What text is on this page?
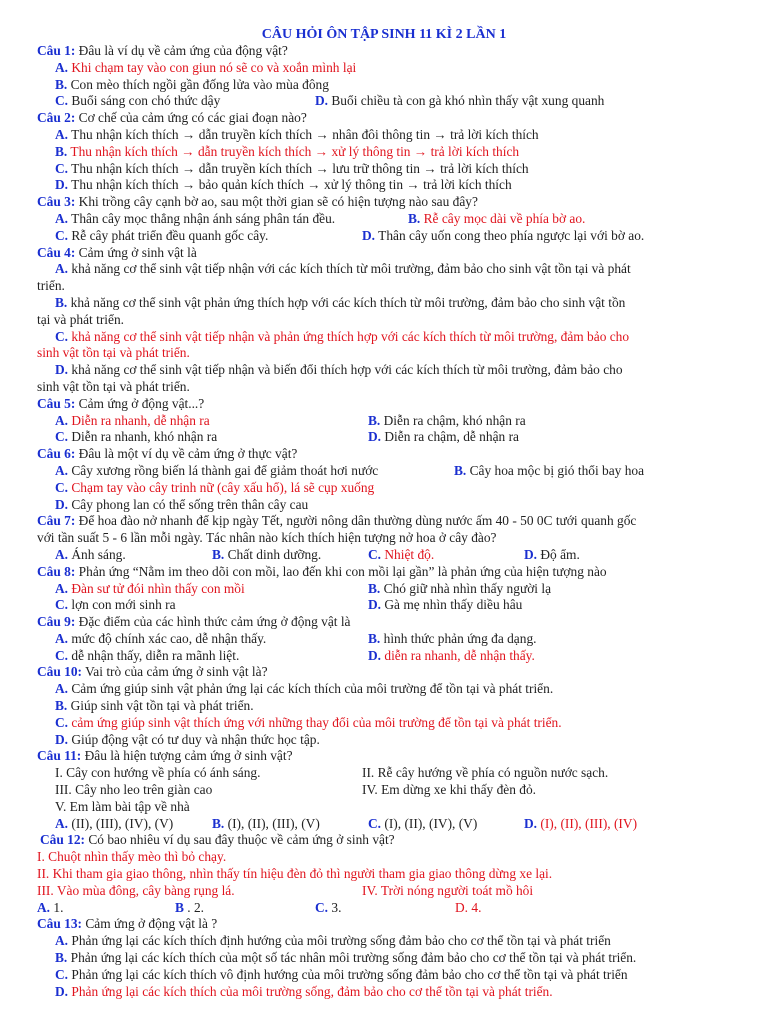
CÂU HỎI ÔN TẬP SINH 11 KÌ 2 LẦN 1
Câu 1: Đâu là ví dụ về cảm ứng của động vật?
A. Khi chạm tay vào con giun nó sẽ co và xoắn mình lại
B. Con mèo thích ngồi gần đống lửa vào mùa đông
C. Buổi sáng con chó thức dậy	D. Buổi chiều tà con gà khó nhìn thấy vật xung quanh
Câu 2: Cơ chế của cảm ứng có các giai đoạn nào?
A. Thu nhận kích thích → dẫn truyền kích thích → nhân đôi thông tin → trả lời kích thích
B. Thu nhận kích thích → dẫn truyền kích thích → xử lý thông tin → trả lời kích thích
C. Thu nhận kích thích → dẫn truyền kích thích → lưu trữ thông tin → trả lời kích thích
D. Thu nhận kích thích → bảo quản kích thích → xử lý thông tin → trả lời kích thích
Câu 3: Khi trồng cây cạnh bờ ao, sau một thời gian sẽ có hiện tượng nào sau đây?
A. Thân cây mọc thẳng nhận ánh sáng phân tán đều.	B. Rễ cây mọc dài về phía bờ ao.
C. Rễ cây phát triển đều quanh gốc cây.	D. Thân cây uốn cong theo phía ngược lại với bờ ao.
Câu 4: Cảm ứng ở sinh vật là
A. khả năng cơ thể sinh vật tiếp nhận với các kích thích từ môi trường, đảm bảo cho sinh vật tồn tại và phát
triển.
B. khả năng cơ thể sinh vật phản ứng thích hợp với các kích thích từ môi trường, đảm bảo cho sinh vật tồn
tại và phát triển.
C. khả năng cơ thể sinh vật tiếp nhận và phản ứng thích hợp với các kích thích từ môi trường, đảm bảo cho
sinh vật tồn tại và phát triển.
D. khả năng cơ thể sinh vật tiếp nhận và biến đổi thích hợp với các kích thích từ môi trường, đảm bảo cho
sinh vật tồn tại và phát triển.
Câu 5: Cảm ứng ở động vật...?
A. Diễn ra nhanh, dễ nhận ra	B. Diễn ra chậm, khó nhận ra
C. Diễn ra nhanh, khó nhận ra	D. Diễn ra chậm, dễ nhận ra
Câu 6: Đâu là một ví dụ về cảm ứng ở thực vật?
A. Cây xương rồng biến lá thành gai để giảm thoát hơi nước	B. Cây hoa mộc bị gió thổi bay hoa
C. Chạm tay vào cây trinh nữ (cây xấu hổ), lá sẽ cụp xuống
D. Cây phong lan có thể sống trên thân cây cau
Câu 7: Để hoa đào nở nhanh để kịp ngày Tết, người nông dân thường dùng nước ấm 40 - 50 0C tưới quanh gốc
với tần suất 5 - 6 lần mỗi ngày. Tác nhân nào kích thích hiện tượng nở hoa ở cây đào?
A. Ánh sáng.	B. Chất dinh dưỡng.	C. Nhiệt độ.	D. Độ ẩm.
Câu 8: Phản ứng “Nằm im theo dõi con mồi, lao đến khi con mồi lại gần” là phản ứng của hiện tượng nào
A. Đàn sư tử đói nhìn thấy con mồi	B. Chó giữ nhà nhìn thấy người lạ
C. lợn con mới sinh ra	D. Gà mẹ nhìn thấy diều hâu
Câu 9: Đặc điểm của các hình thức cảm ứng ở động vật là
A. mức độ chính xác cao, dễ nhận thấy.	B. hình thức phản ứng đa dạng.
C. dễ nhận thấy, diễn ra mãnh liệt.	D. diễn ra nhanh, dễ nhận thấy.
Câu 10: Vai trò của cảm ứng ở sinh vật là?
A. Cảm ứng giúp sinh vật phản ứng lại các kích thích của môi trường để tồn tại và phát triển.
B. Giúp sinh vật tồn tại và phát triển.
C. cảm ứng giúp sinh vật thích ứng với những thay đổi của môi trường để tồn tại và phát triển.
D. Giúp động vật có tư duy và nhận thức học tập.
Câu 11: Đâu là hiện tượng cảm ứng ở sinh vật?
I. Cây con hướng về phía có ánh sáng.	II. Rễ cây hướng về phía có nguồn nước sạch.
III. Cây nho leo trên giàn cao	IV. Em dừng xe khi thấy đèn đỏ.
V. Em làm bài tập về nhà
A. (II), (III), (IV), (V)	B. (I), (II), (III), (V)	C. (I), (II), (IV), (V)	D. (I), (II), (III), (IV)
Câu 12: Có bao nhiêu ví dụ sau đây thuộc về cảm ứng ở sinh vật?
I. Chuột nhìn thấy mèo thì bỏ chạy.
II. Khi tham gia giao thông, nhìn thấy tín hiệu đèn đỏ thì người tham gia giao thông dừng xe lại.
III. Vào mùa đông, cây bàng rụng lá.	IV. Trời nóng người toát mồ hôi
A. 1.	B . 2.	C. 3.	D. 4.
Câu 13: Cảm ứng ở động vật là ?
A. Phản ứng lại các kích thích định hướng của môi trường sống đảm bảo cho cơ thể tồn tại và phát triển
B. Phản ứng lại các kích thích của một số tác nhân môi trường sống đảm bảo cho cơ thể tồn tại và phát triển.
C. Phản ứng lại các kích thích vô định hướng của môi trường sống đảm bảo cho cơ thể tồn tại và phát triển
D. Phản ứng lại các kích thích của môi trường sống, đảm bảo cho cơ thể tồn tại và phát triển.
